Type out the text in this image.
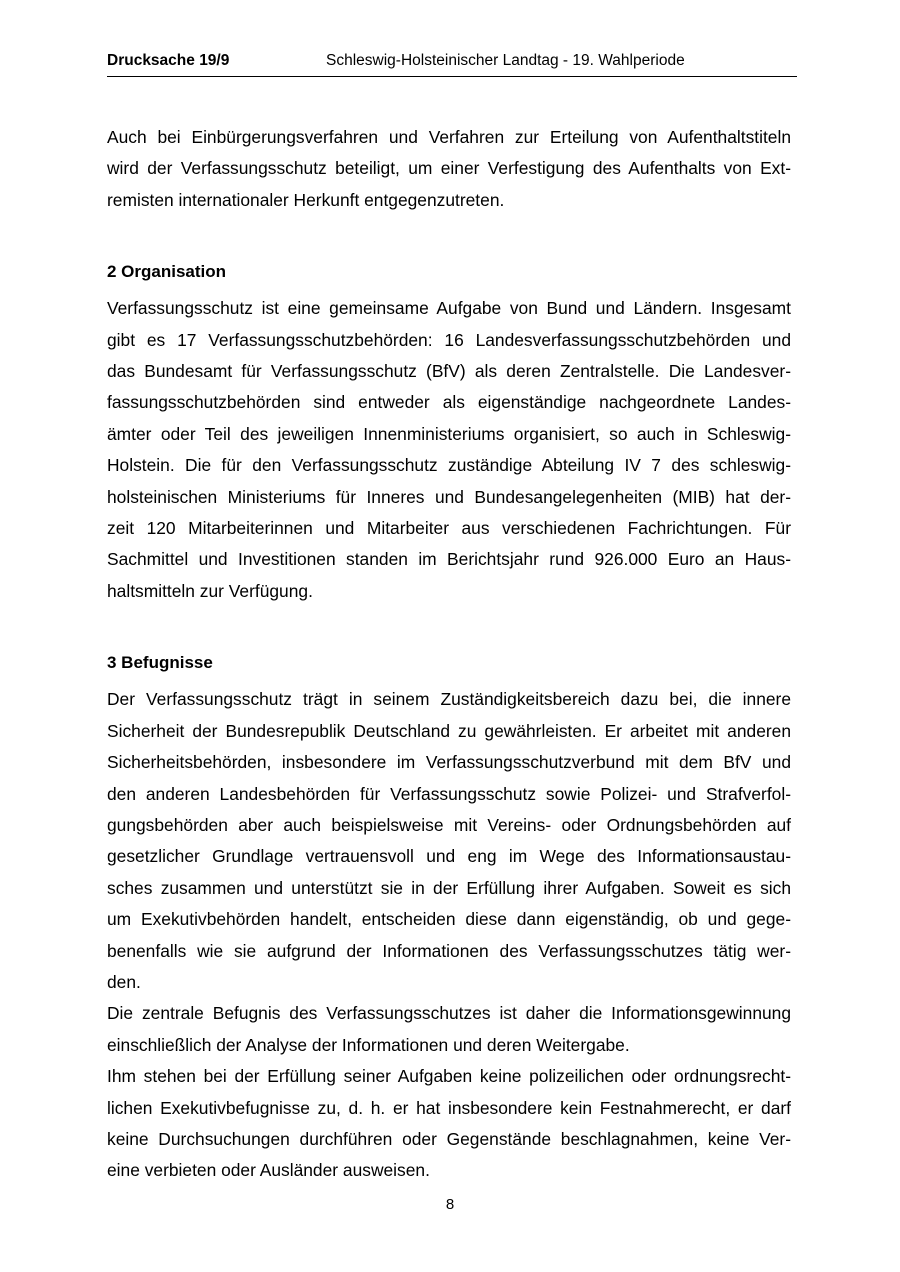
Drucksache 19/9	Schleswig-Holsteinischer Landtag - 19. Wahlperiode

Auch bei Einbürgerungsverfahren und Verfahren zur Erteilung von Aufenthaltstiteln
wird der Verfassungsschutz beteiligt, um einer Verfestigung des Aufenthalts von Ext-
remisten internationaler Herkunft entgegenzutreten.

2 Organisation

Verfassungsschutz ist eine gemeinsame Aufgabe von Bund und Ländern. Insgesamt
gibt es 17 Verfassungsschutzbehörden: 16 Landesverfassungsschutzbehörden und
das Bundesamt für Verfassungsschutz (BfV) als deren Zentralstelle. Die Landesver-
fassungsschutzbehörden sind entweder als eigenständige nachgeordnete Landes-
ämter oder Teil des jeweiligen Innenministeriums organisiert, so auch in Schleswig-
Holstein. Die für den Verfassungsschutz zuständige Abteilung IV 7 des schleswig-
holsteinischen Ministeriums für Inneres und Bundesangelegenheiten (MIB) hat der-
zeit 120 Mitarbeiterinnen und Mitarbeiter aus verschiedenen Fachrichtungen. Für
Sachmittel und Investitionen standen im Berichtsjahr rund 926.000 Euro an Haus-
haltsmitteln zur Verfügung.

3 Befugnisse

Der Verfassungsschutz trägt in seinem Zuständigkeitsbereich dazu bei, die innere
Sicherheit der Bundesrepublik Deutschland zu gewährleisten. Er arbeitet mit anderen
Sicherheitsbehörden, insbesondere im Verfassungsschutzverbund mit dem BfV und
den anderen Landesbehörden für Verfassungsschutz sowie Polizei- und Strafverfol-
gungsbehörden aber auch beispielsweise mit Vereins- oder Ordnungsbehörden auf
gesetzlicher Grundlage vertrauensvoll und eng im Wege des Informationsaustau-
sches zusammen und unterstützt sie in der Erfüllung ihrer Aufgaben. Soweit es sich
um Exekutivbehörden handelt, entscheiden diese dann eigenständig, ob und gege-
benenfalls wie sie aufgrund der Informationen des Verfassungsschutzes tätig wer-
den.

Die zentrale Befugnis des Verfassungsschutzes ist daher die Informationsgewinnung
einschließlich der Analyse der Informationen und deren Weitergabe.

Ihm stehen bei der Erfüllung seiner Aufgaben keine polizeilichen oder ordnungsrecht-
lichen Exekutivbefugnisse zu, d. h. er hat insbesondere kein Festnahmerecht, er darf
keine Durchsuchungen durchführen oder Gegenstände beschlagnahmen, keine Ver-
eine verbieten oder Ausländer ausweisen.

8
